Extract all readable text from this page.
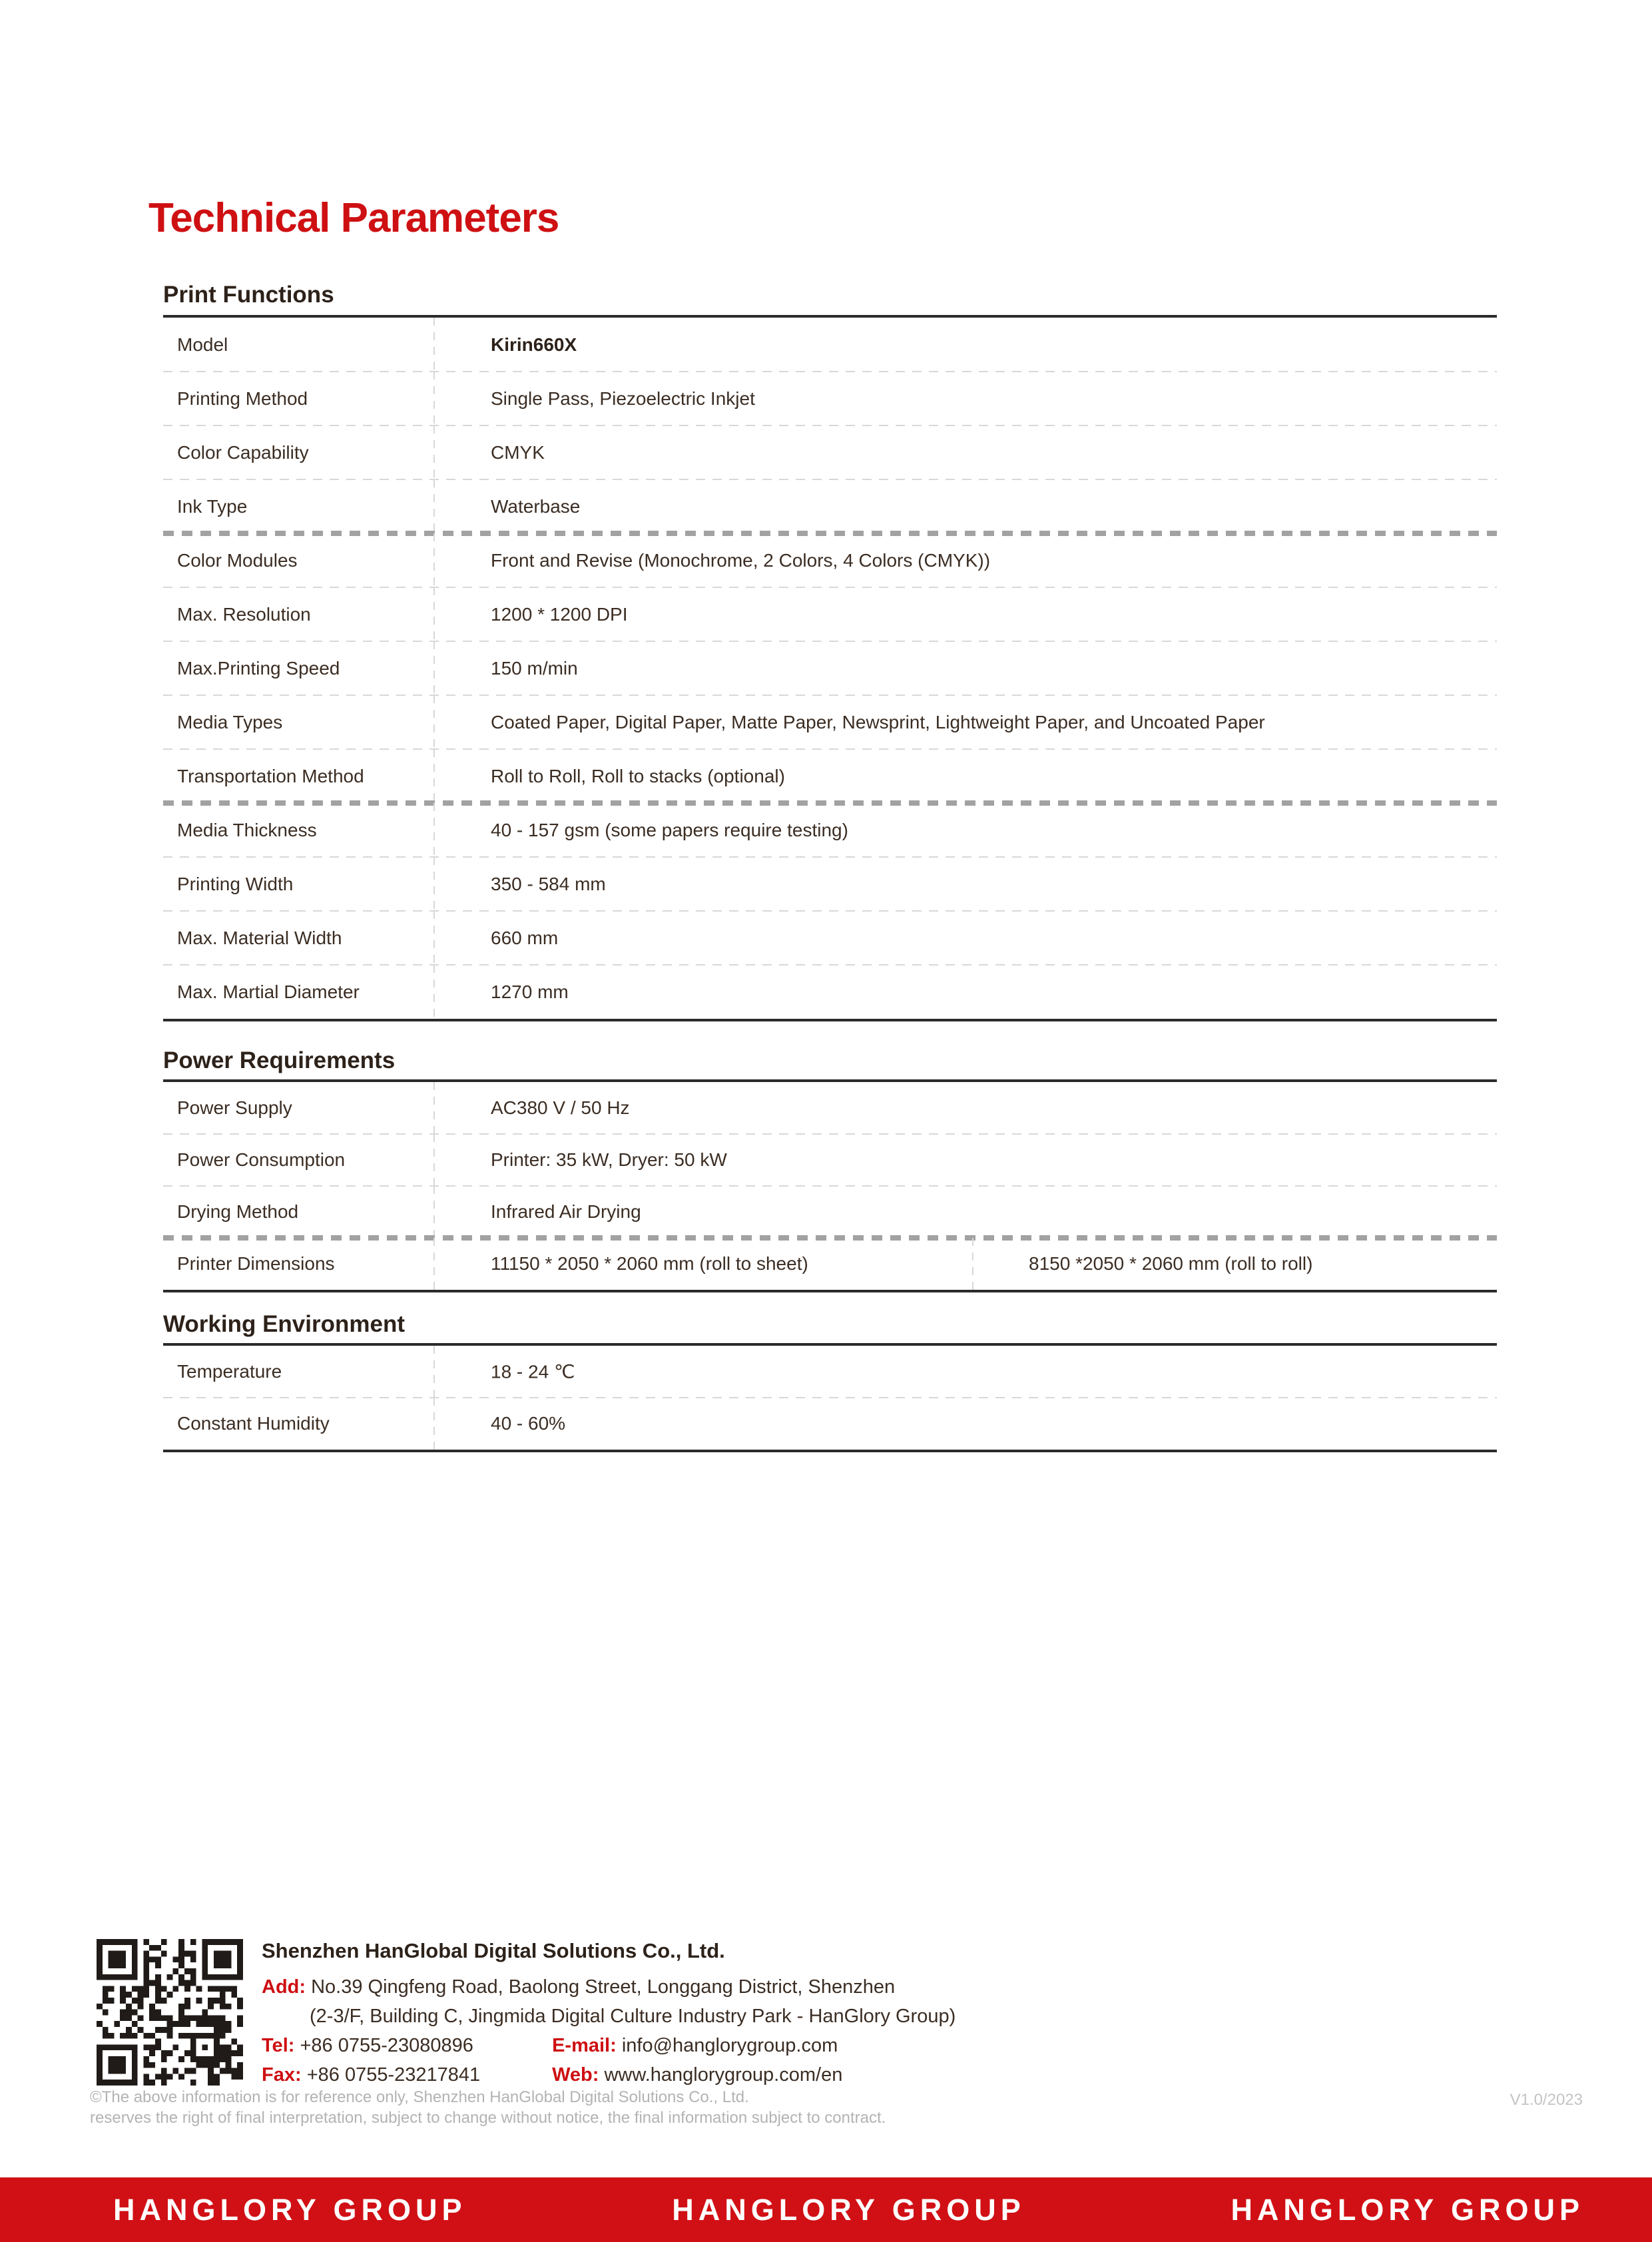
Technical Parameters
Print Functions
Model	Kirin660X
Printing Method	Single Pass, Piezoelectric Inkjet
Color Capability	CMYK
Ink Type	Waterbase
Color Modules	Front and Revise (Monochrome, 2 Colors, 4 Colors (CMYK))
Max. Resolution	1200 * 1200 DPI
Max.Printing Speed	150 m/min
Media Types	Coated Paper, Digital Paper, Matte Paper, Newsprint, Lightweight Paper, and Uncoated Paper
Transportation Method	Roll to Roll, Roll to stacks (optional)
Media Thickness	40 - 157 gsm (some papers require testing)
Printing Width	350 - 584 mm
Max. Material Width	660 mm
Max. Martial Diameter	1270 mm
Power Requirements
Power Supply	AC380 V / 50 Hz
Power Consumption	Printer: 35 kW, Dryer: 50 kW
Drying Method	Infrared Air Drying
Printer Dimensions	11150 * 2050 * 2060 mm (roll to sheet)	8150 *2050 * 2060 mm (roll to roll)
Working Environment
Temperature	18 - 24 ℃
Constant Humidity	40 - 60%
Shenzhen HanGlobal Digital Solutions Co., Ltd.
Add: No.39 Qingfeng Road, Baolong Street, Longgang District, Shenzhen
(2-3/F, Building C, Jingmida Digital Culture Industry Park - HanGlory Group)
Tel: +86 0755-23080896	E-mail: info@hanglorygroup.com
Fax: +86 0755-23217841	Web: www.hanglorygroup.com/en
©The above information is for reference only, Shenzhen HanGlobal Digital Solutions Co., Ltd.
reserves the right of final interpretation, subject to change without notice, the final information subject to contract.
V1.0/2023
HANGLORY GROUP	HANGLORY GROUP	HANGLORY GROUP
